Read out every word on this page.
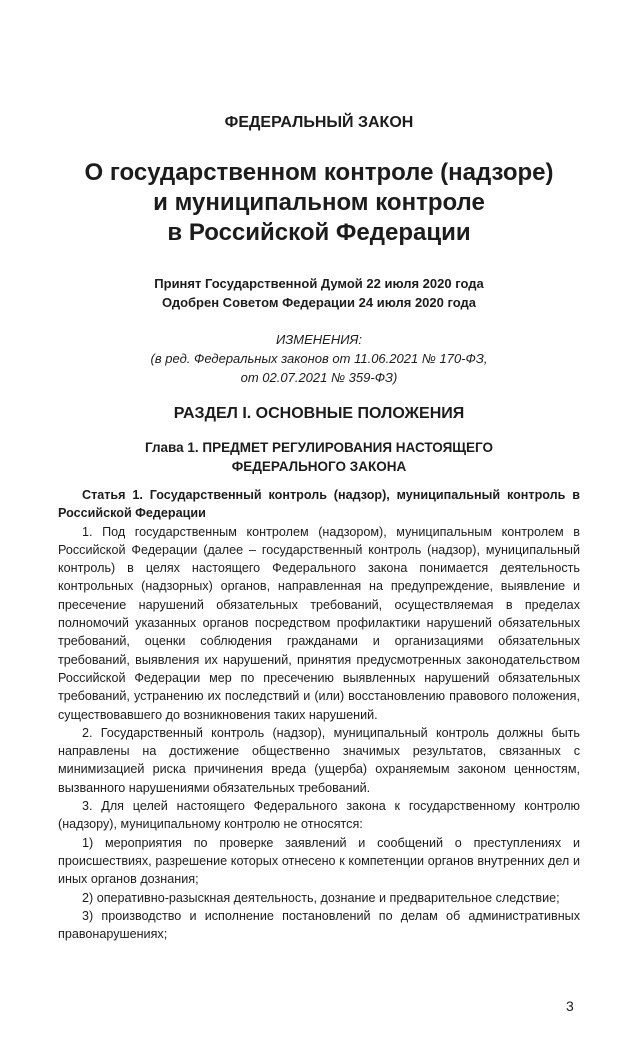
ФЕДЕРАЛЬНЫЙ ЗАКОН
О государственном контроле (надзоре)
и муниципальном контроле
в Российской Федерации
Принят Государственной Думой 22 июля 2020 года
Одобрен Советом Федерации 24 июля 2020 года
ИЗМЕНЕНИЯ:
(в ред. Федеральных законов от 11.06.2021 № 170-ФЗ,
от 02.07.2021 № 359-ФЗ)
РАЗДЕЛ I. ОСНОВНЫЕ ПОЛОЖЕНИЯ
Глава 1. ПРЕДМЕТ РЕГУЛИРОВАНИЯ НАСТОЯЩЕГО
ФЕДЕРАЛЬНОГО ЗАКОНА

Статья 1. Государственный контроль (надзор), муниципальный контроль в Российской Федерации

1. Под государственным контролем (надзором), муниципальным контролем в Российской Федерации (далее – государственный контроль (надзор), муниципальный контроль) в целях настоящего Федерального закона понимается деятельность контрольных (надзорных) органов, направленная на предупреждение, выявление и пресечение нарушений обязательных требований, осуществляемая в пределах полномочий указанных органов посредством профилактики нарушений обязательных требований, оценки соблюдения гражданами и организациями обязательных требований, выявления их нарушений, принятия предусмотренных законодательством Российской Федерации мер по пресечению выявленных нарушений обязательных требований, устранению их последствий и (или) восстановлению правового положения, существовавшего до возникновения таких нарушений.

2. Государственный контроль (надзор), муниципальный контроль должны быть направлены на достижение общественно значимых результатов, связанных с минимизацией риска причинения вреда (ущерба) охраняемым законом ценностям, вызванного нарушениями обязательных требований.

3. Для целей настоящего Федерального закона к государственному контролю (надзору), муниципальному контролю не относятся:

1) мероприятия по проверке заявлений и сообщений о преступлениях и происшествиях, разрешение которых отнесено к компетенции органов внутренних дел и иных органов дознания;

2) оперативно-разыскная деятельность, дознание и предварительное следствие;

3) производство и исполнение постановлений по делам об административных правонарушениях;

3
